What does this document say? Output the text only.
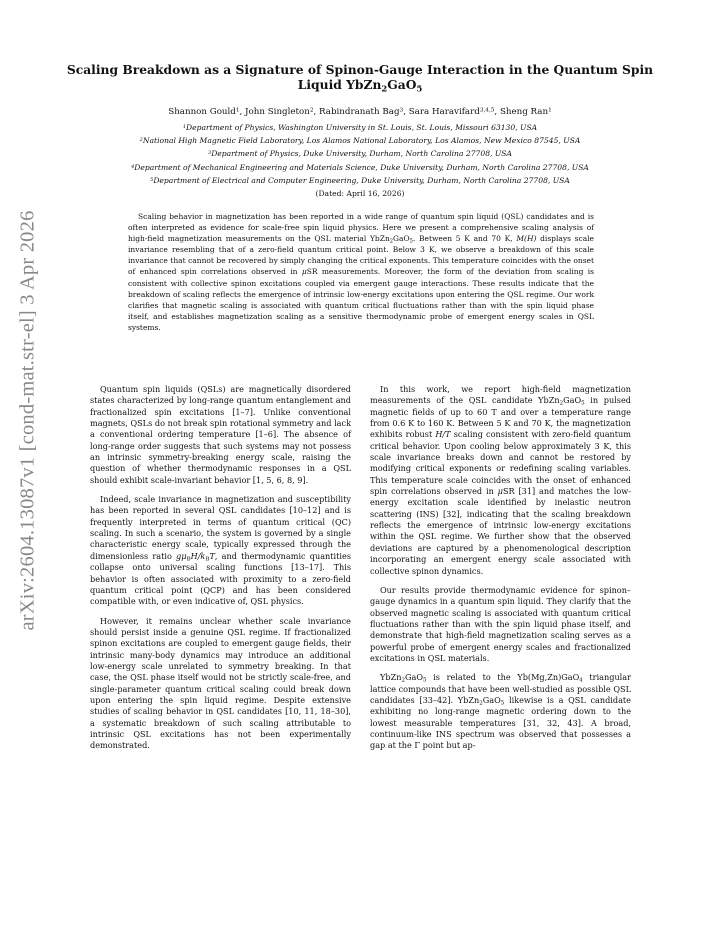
arXiv:2604.13087v1 [cond-mat.str-el] 3 Apr 2026
Scaling Breakdown as a Signature of Spinon-Gauge Interaction in the Quantum Spin Liquid YbZn$_2$GaO$_5$
Shannon Gould$^1$, John Singleton$^2$, Rabindranath Bag$^3$, Sara Haravifard$^{3,4,5}$, Sheng Ran$^1$
$^1$Department of Physics, Washington University in St. Louis, St. Louis, Missouri 63130, USA
$^2$National High Magnetic Field Laboratory, Los Alamos National Laboratory, Los Alamos, New Mexico 87545, USA
$^3$Department of Physics, Duke University, Durham, North Carolina 27708, USA
$^4$Department of Mechanical Engineering and Materials Science, Duke University, Durham, North Carolina 27708, USA
$^5$Department of Electrical and Computer Engineering, Duke University, Durham, North Carolina 27708, USA
(Dated: April 16, 2026)
Scaling behavior in magnetization has been reported in a wide range of quantum spin liquid (QSL) candidates and is often interpreted as evidence for scale-free spin liquid physics. Here we present a comprehensive scaling analysis of high-field magnetization measurements on the QSL material YbZn$_2$GaO$_5$. Between 5 K and 70 K, M(H) displays scale invariance resembling that of a zero-field quantum critical point. Below 3 K, we observe a breakdown of this scale invariance that cannot be recovered by simply changing the critical exponents. This temperature coincides with the onset of enhanced spin correlations observed in μSR measurements. Moreover, the form of the deviation from scaling is consistent with collective spinon excitations coupled via emergent gauge interactions. These results indicate that the breakdown of scaling reflects the emergence of intrinsic low-energy excitations upon entering the QSL regime. Our work clarifies that magnetic scaling is associated with quantum critical fluctuations rather than with the spin liquid phase itself, and establishes magnetization scaling as a sensitive thermodynamic probe of emergent energy scales in QSL systems.

Quantum spin liquids (QSLs) are magnetically disordered states characterized by long-range quantum entanglement and fractionalized spin excitations [1–7]. Unlike conventional magnets, QSLs do not break spin rotational symmetry and lack a conventional ordering temperature [1–6]. The absence of long-range order suggests that such systems may not possess an intrinsic symmetry-breaking energy scale, raising the question of whether thermodynamic responses in a QSL should exhibit scale-invariant behavior [1, 5, 6, 8, 9].

Indeed, scale invariance in magnetization and susceptibility has been reported in several QSL candidates [10–12] and is frequently interpreted in terms of quantum critical (QC) scaling. In such a scenario, the system is governed by a single characteristic energy scale, typically expressed through the dimensionless ratio $g\mu_BH/k_BT$, and thermodynamic quantities collapse onto universal scaling functions [13–17]. This behavior is often associated with proximity to a zero-field quantum critical point (QCP) and has been considered compatible with, or even indicative of, QSL physics.

However, it remains unclear whether scale invariance should persist inside a genuine QSL regime. If fractionalized spinon excitations are coupled to emergent gauge fields, their intrinsic many-body dynamics may introduce an additional low-energy scale unrelated to symmetry breaking. In that case, the QSL phase itself would not be strictly scale-free, and single-parameter quantum critical scaling could break down upon entering the spin liquid regime. Despite extensive studies of scaling behavior in QSL candidates [10, 11, 18–30], a systematic breakdown of such scaling attributable to intrinsic QSL excitations has not been experimentally demonstrated.

In this work, we report high-field magnetization measurements of the QSL candidate YbZn$_2$GaO$_5$ in pulsed magnetic fields of up to 60 T and over a temperature range from 0.6 K to 160 K. Between 5 K and 70 K, the magnetization exhibits robust H/T scaling consistent with zero-field quantum critical behavior. Upon cooling below approximately 3 K, this scale invariance breaks down and cannot be restored by modifying critical exponents or redefining scaling variables. This temperature scale coincides with the onset of enhanced spin correlations observed in μSR [31] and matches the low-energy excitation scale identified by inelastic neutron scattering (INS) [32], indicating that the scaling breakdown reflects the emergence of intrinsic low-energy excitations within the QSL regime. We further show that the observed deviations are captured by a phenomenological description incorporating an emergent energy scale associated with collective spinon dynamics.

Our results provide thermodynamic evidence for spinon–gauge dynamics in a quantum spin liquid. They clarify that the observed magnetic scaling is associated with quantum critical fluctuations rather than with the spin liquid phase itself, and demonstrate that high-field magnetization scaling serves as a powerful probe of emergent energy scales and fractionalized excitations in QSL materials.

YbZn$_2$GaO$_5$ is related to the Yb(Mg,Zn)GaO$_4$ triangular lattice compounds that have been well-studied as possible QSL candidates [33–42]. YbZn$_2$GaO$_5$ likewise is a QSL candidate exhibiting no long-range magnetic ordering down to the lowest measurable temperatures [31, 32, 43]. A broad, continuum-like INS spectrum was observed that possesses a gap at the Γ point but ap-
